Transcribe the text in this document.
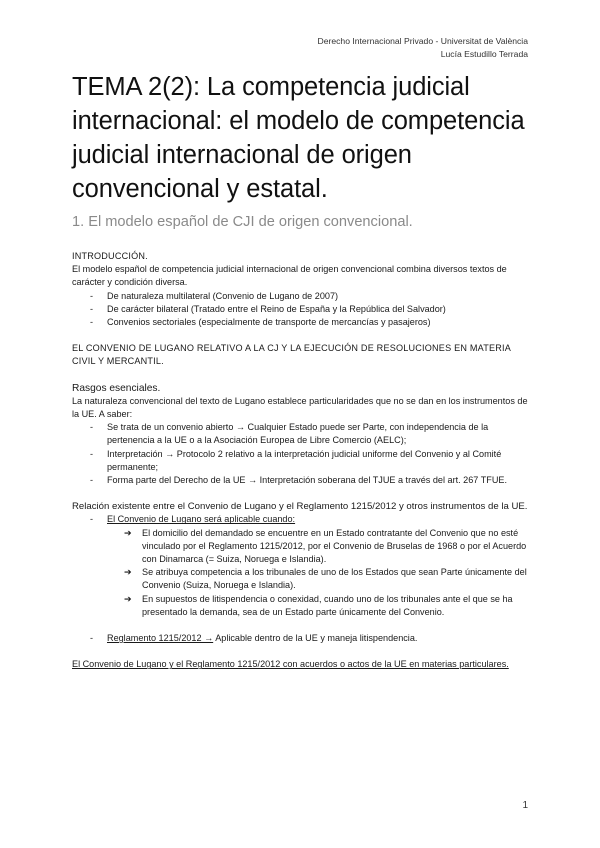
Derecho Internacional Privado - Universitat de València
Lucía Estudillo Terrada
TEMA 2(2): La competencia judicial internacional: el modelo de competencia judicial internacional de origen convencional y estatal.
1. El modelo español de CJI de origen convencional.

INTRODUCCIÓN.

El modelo español de competencia judicial internacional de origen convencional combina diversos textos de carácter y condición diversa.

- De naturaleza multilateral (Convenio de Lugano de 2007)
- De carácter bilateral (Tratado entre el Reino de España y la República del Salvador)
- Convenios sectoriales (especialmente de transporte de mercancías y pasajeros)

EL CONVENIO DE LUGANO RELATIVO A LA CJ Y LA EJECUCIÓN DE RESOLUCIONES EN MATERIA CIVIL Y MERCANTIL.

Rasgos esenciales.

La naturaleza convencional del texto de Lugano establece particularidades que no se dan en los instrumentos de la UE. A saber:

- Se trata de un convenio abierto → Cualquier Estado puede ser Parte, con independencia de la pertenencia a la UE o a la Asociación Europea de Libre Comercio (AELC);
- Interpretación → Protocolo 2 relativo a la interpretación judicial uniforme del Convenio y al Comité permanente;
- Forma parte del Derecho de la UE → Interpretación soberana del TJUE a través del art. 267 TFUE.

Relación existente entre el Convenio de Lugano y el Reglamento 1215/2012 y otros instrumentos de la UE.

- El Convenio de Lugano será aplicable cuando:
➔ El domicilio del demandado se encuentre en un Estado contratante del Convenio que no esté vinculado por el Reglamento 1215/2012, por el Convenio de Bruselas de 1968 o por el Acuerdo con Dinamarca (= Suiza, Noruega e Islandia).
➔ Se atribuya competencia a los tribunales de uno de los Estados que sean Parte únicamente del Convenio (Suiza, Noruega e Islandia).
➔ En supuestos de litispendencia o conexidad, cuando uno de los tribunales ante el que se ha presentado la demanda, sea de un Estado parte únicamente del Convenio.
- Reglamento 1215/2012 → Aplicable dentro de la UE y maneja litispendencia.

El Convenio de Lugano y el Reglamento 1215/2012 con acuerdos o actos de la UE en materias particulares.

1
